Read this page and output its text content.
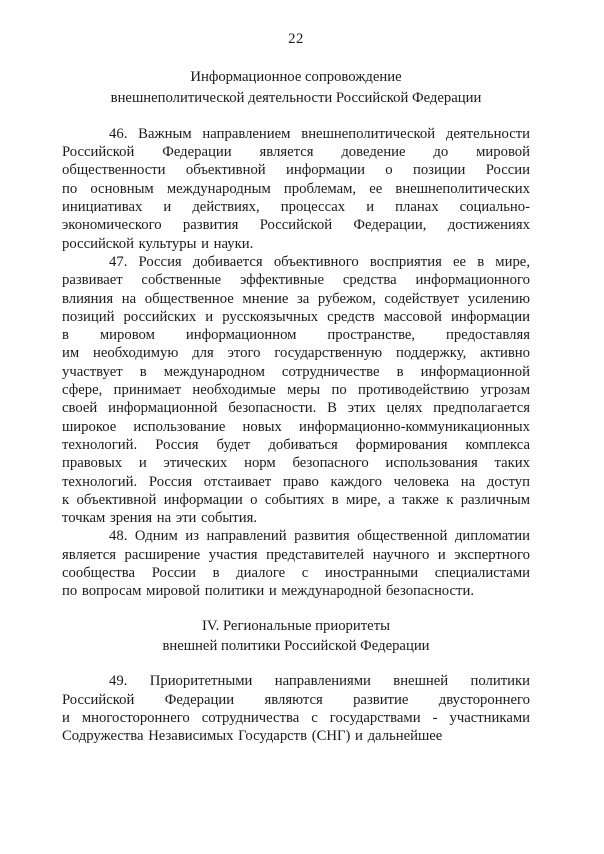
22
Информационное сопровождение
внешнеполитической деятельности Российской Федерации
46. Важным направлением внешнеполитической деятельности
Российской Федерации является доведение до мировой
общественности объективной информации о позиции России
по основным международным проблемам, ее внешнеполитических
инициативах и действиях, процессах и планах социально-
экономического развития Российской Федерации, достижениях
российской культуры и науки.
47. Россия добивается объективного восприятия ее в мире,
развивает собственные эффективные средства информационного
влияния на общественное мнение за рубежом, содействует усилению
позиций российских и русскоязычных средств массовой информации
в мировом информационном пространстве, предоставляя
им необходимую для этого государственную поддержку, активно
участвует в международном сотрудничестве в информационной
сфере, принимает необходимые меры по противодействию угрозам
своей информационной безопасности. В этих целях предполагается
широкое использование новых информационно-коммуникационных
технологий. Россия будет добиваться формирования комплекса
правовых и этических норм безопасного использования таких
технологий. Россия отстаивает право каждого человека на доступ
к объективной информации о событиях в мире, а также к различным
точкам зрения на эти события.
48. Одним из направлений развития общественной дипломатии
является расширение участия представителей научного и экспертного
сообщества России в диалоге с иностранными специалистами
по вопросам мировой политики и международной безопасности.
IV. Региональные приоритеты
внешней политики Российской Федерации
49. Приоритетными направлениями внешней политики
Российской Федерации являются развитие двустороннего
и многостороннего сотрудничества с государствами - участниками
Содружества Независимых Государств (СНГ) и дальнейшее
